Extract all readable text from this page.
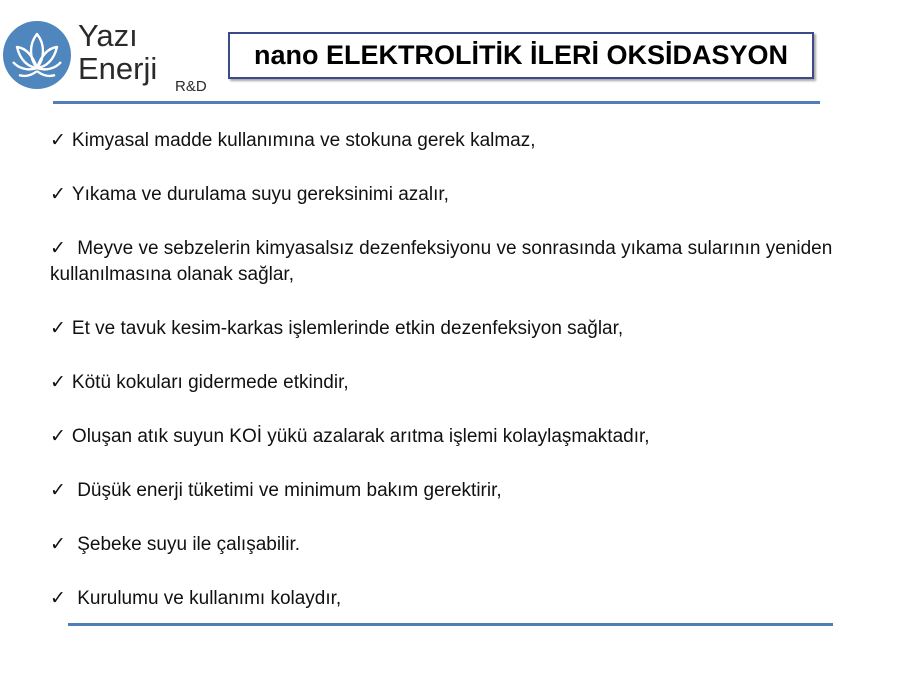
Yazı
Enerji
R&D
nano ELEKTROLİTİK İLERİ OKSİDASYON
✓ Kimyasal madde kullanımına ve stokuna gerek kalmaz,
✓ Yıkama ve durulama suyu gereksinimi azalır,
✓ Meyve ve sebzelerin kimyasalsız dezenfeksiyonu ve sonrasında yıkama sularının yeniden kullanılmasına olanak sağlar,
✓ Et ve tavuk kesim-karkas işlemlerinde etkin dezenfeksiyon sağlar,
✓ Kötü kokuları gidermede etkindir,
✓ Oluşan atık suyun KOİ yükü azalarak arıtma işlemi kolaylaşmaktadır,
✓ Düşük enerji tüketimi ve minimum bakım gerektirir,
✓ Şebeke suyu ile çalışabilir.
✓ Kurulumu ve kullanımı kolaydır,
